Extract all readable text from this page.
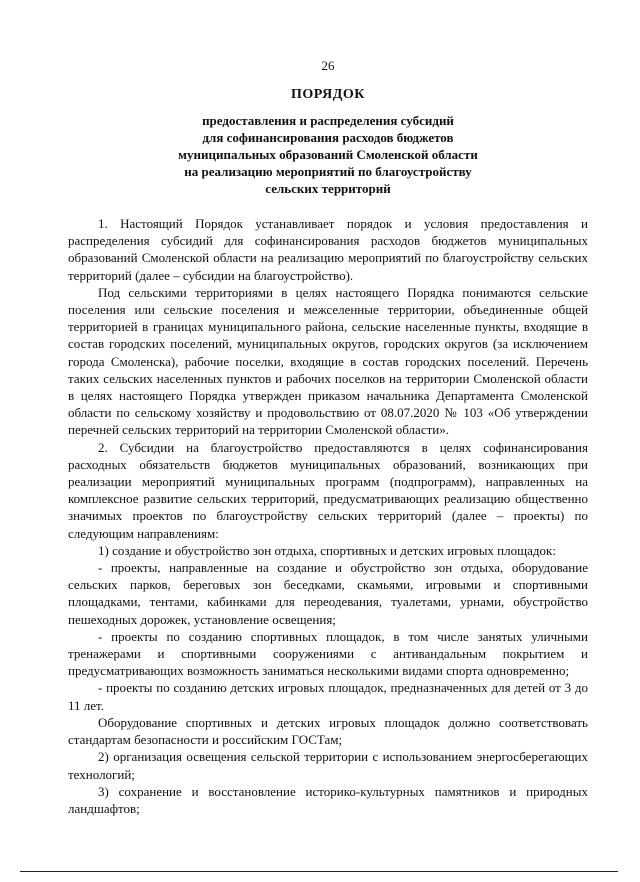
26
ПОРЯДОК
предоставления и распределения субсидий
для софинансирования расходов бюджетов
муниципальных образований Смоленской области
на реализацию мероприятий по благоустройству
сельских территорий

1. Настоящий Порядок устанавливает порядок и условия предоставления и распределения субсидий для софинансирования расходов бюджетов муниципальных образований Смоленской области на реализацию мероприятий по благоустройству сельских территорий (далее – субсидии на благоустройство).

Под сельскими территориями в целях настоящего Порядка понимаются сельские поселения или сельские поселения и межселенные территории, объединенные общей территорией в границах муниципального района, сельские населенные пункты, входящие в состав городских поселений, муниципальных округов, городских округов (за исключением города Смоленска), рабочие поселки, входящие в состав городских поселений. Перечень таких сельских населенных пунктов и рабочих поселков на территории Смоленской области в целях настоящего Порядка утвержден приказом начальника Департамента Смоленской области по сельскому хозяйству и продовольствию от 08.07.2020 № 103 «Об утверждении перечней сельских территорий на территории Смоленской области».

2. Субсидии на благоустройство предоставляются в целях софинансирования расходных обязательств бюджетов муниципальных образований, возникающих при реализации мероприятий муниципальных программ (подпрограмм), направленных на комплексное развитие сельских территорий, предусматривающих реализацию общественно значимых проектов по благоустройству сельских территорий (далее – проекты) по следующим направлениям:

1) создание и обустройство зон отдыха, спортивных и детских игровых площадок:

- проекты, направленные на создание и обустройство зон отдыха, оборудование сельских парков, береговых зон беседками, скамьями, игровыми и спортивными площадками, тентами, кабинками для переодевания, туалетами, урнами, обустройство пешеходных дорожек, установление освещения;

- проекты по созданию спортивных площадок, в том числе занятых уличными тренажерами и спортивными сооружениями с антивандальным покрытием и предусматривающих возможность заниматься несколькими видами спорта одновременно;

- проекты по созданию детских игровых площадок, предназначенных для детей от 3 до 11 лет.

Оборудование спортивных и детских игровых площадок должно соответствовать стандартам безопасности и российским ГОСТам;

2) организация освещения сельской территории с использованием энергосберегающих технологий;

3) сохранение и восстановление историко-культурных памятников и природных ландшафтов;
